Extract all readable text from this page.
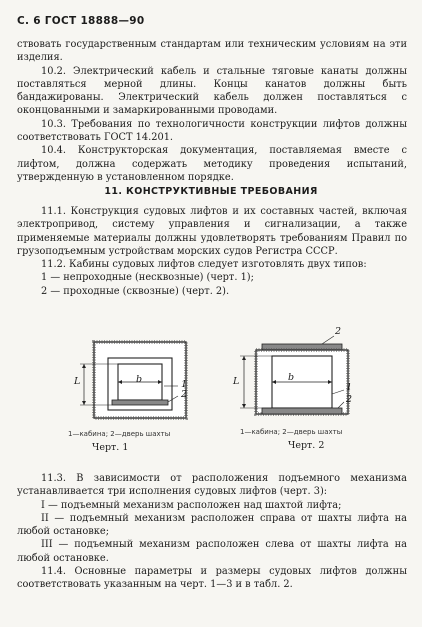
С. 6 ГОСТ 18888—90

ствовать государственным стандартам или техническим условиям на эти изделия.

10.2. Электрический кабель и стальные тяговые канаты должны поставляться мерной длины. Концы канатов должны быть бандажированы. Электрический кабель должен поставляться с оконцованными и замаркированными проводами.

10.3. Требования по технологичности конструкции лифтов должны соответствовать ГОСТ 14.201.

10.4. Конструкторская документация, поставляемая вместе с лифтом, должна содержать методику проведения испытаний, утвержденную в установленном порядке.

11. КОНСТРУКТИВНЫЕ ТРЕБОВАНИЯ

11.1. Конструкция судовых лифтов и их составных частей, включая электропривод, систему управления и сигнализации, а также применяемые материалы должны удовлетворять требованиям Правил по грузоподъемным устройствам морских судов Регистра СССР.

11.2. Кабины судовых лифтов следует изготовлять двух типов:

1 — непроходные (несквозные) (черт. 1);

2 — проходные (сквозные) (черт. 2).

b
L	1
2
1—кабина; 2—дверь шахты
Черт. 1
b
L
2
1
2
1—кабина; 2—дверь шахты
Черт. 2

11.3. В зависимости от расположения подъемного механизма устанавливается три исполнения судовых лифтов (черт. 3):

I — подъемный механизм расположен над шахтой лифта;

II — подъемный механизм расположен справа от шахты лифта на любой остановке;

III — подъемный механизм расположен слева от шахты лифта на любой остановке.

11.4. Основные параметры и размеры судовых лифтов должны соответствовать указанным на черт. 1—3 и в табл. 2.
